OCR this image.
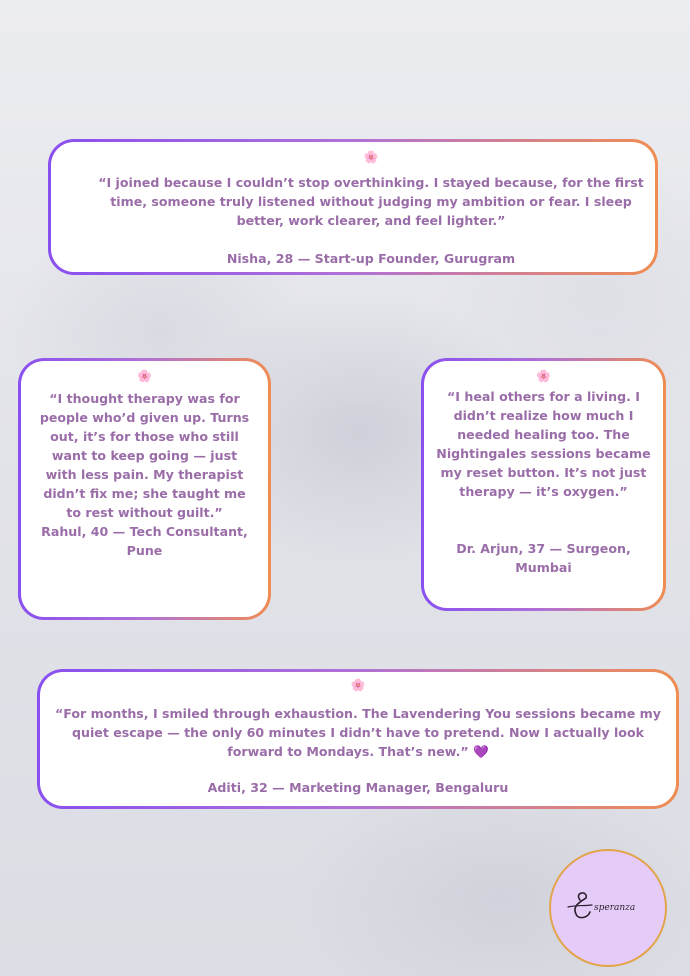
🌸

“I joined because I couldn’t stop overthinking. I stayed because, for the first time, someone truly listened without judging my ambition or fear. I sleep better, work clearer, and feel lighter.”

Nisha, 28 — Start-up Founder, Gurugram

🌸

“I thought therapy was for people who’d given up. Turns out, it’s for those who still want to keep going — just with less pain. My therapist didn’t fix me; she taught me to rest without guilt.”

Rahul, 40 — Tech Consultant, Pune

🌸

“I heal others for a living. I didn’t realize how much I needed healing too. The Nightingales sessions became my reset button. It’s not just therapy — it’s oxygen.”

Dr. Arjun, 37 — Surgeon, Mumbai

🌸

“For months, I smiled through exhaustion. The Lavendering You sessions became my quiet escape — the only 60 minutes I didn’t have to pretend. Now I actually look forward to Mondays. That’s new.” 💜

Aditi, 32 — Marketing Manager, Bengaluru

speranza
